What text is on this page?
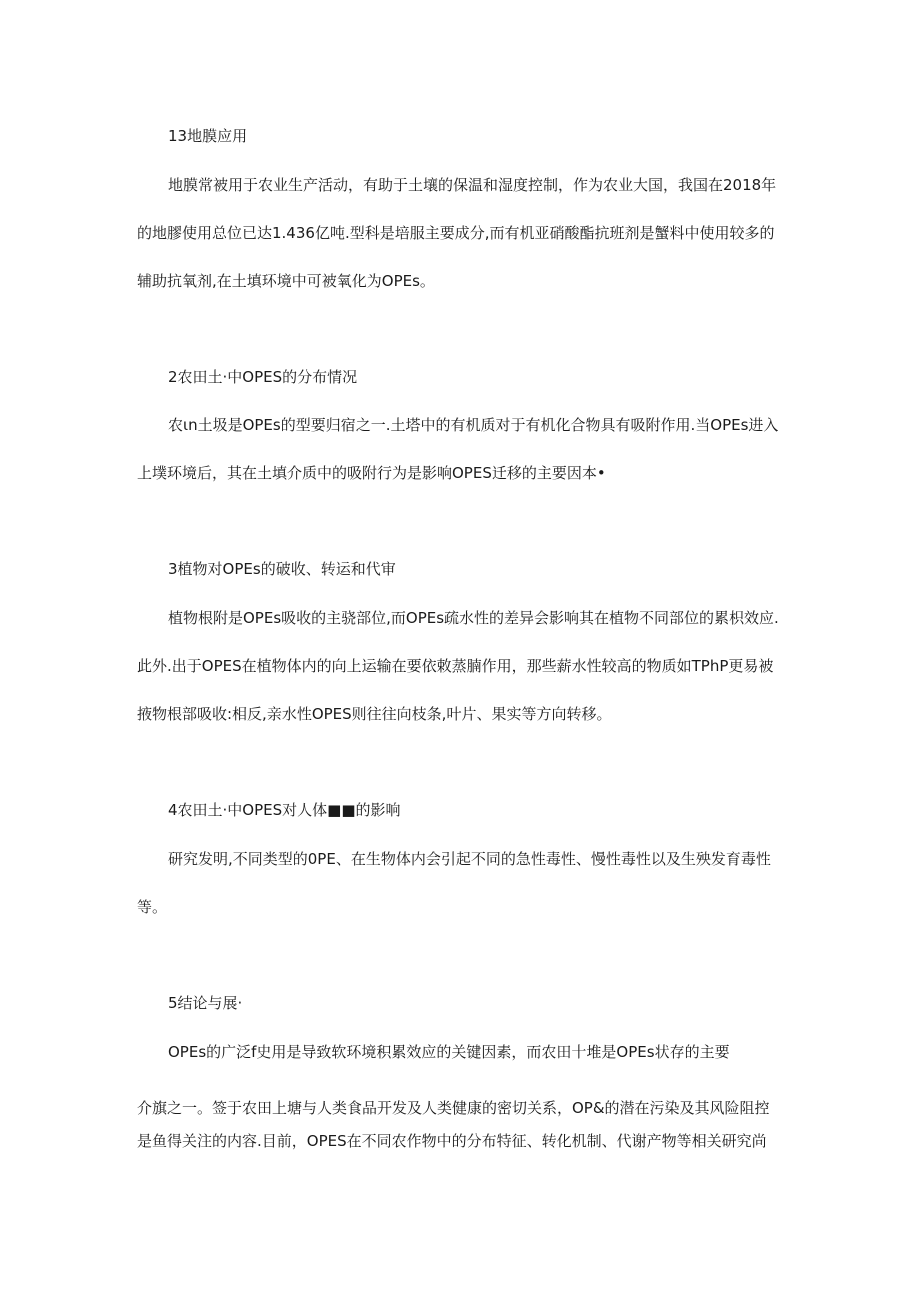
13地膜应用
地膜常被用于农业生产活动，有助于土壤的保温和湿度控制，作为农业大国，我国在2018年
的地膠使用总位已达1.436亿吨.型科是培服主要成分,而有机亚硝酸酯抗班剂是蟹料中使用较多的
辅助抗氧剂,在土填环境中可被氧化为OPEs。
2农田土·中OPES的分布情况
农ιn土圾是OPEs的型要归宿之一.土塔中的有机质对于有机化合物具有吸附作用.当OPEs进入
上墣环境后，其在土填介质中的吸附行为是影响OPES迁移的主要因本•
3植物对OPEs的破收、转运和代审
植物根附是OPEs吸收的主骁部位,而OPEs疏水性的差异会影响其在植物不同部位的累枳效应.
此外.出于OPES在植物体内的向上运输在要依敕蒸腩作用，那些薪水性较高的物质如TPhP更易被
掖物根部吸收:相反,亲水性OPES则往往向枝条,叶片、果实等方向转移。
4农田土·中OPES对人体■■的影响
研究发明,不同类型的0PE、在生物体内会引起不同的急性毒性、慢性毒性以及生殃发育毒性
等。
5结论与展·
OPEs的广泛f史用是导致软环境积累效应的关键因素，而农田十堆是OPEs状存的主要
介旗之一。签于农田上塘与人类食品开发及人类健康的密切关系，OP&的潜在污染及其风险阻控
是鱼得关注的内容.目前，OPES在不同农作物中的分布特征、转化机制、代谢产物等相关研究尚
